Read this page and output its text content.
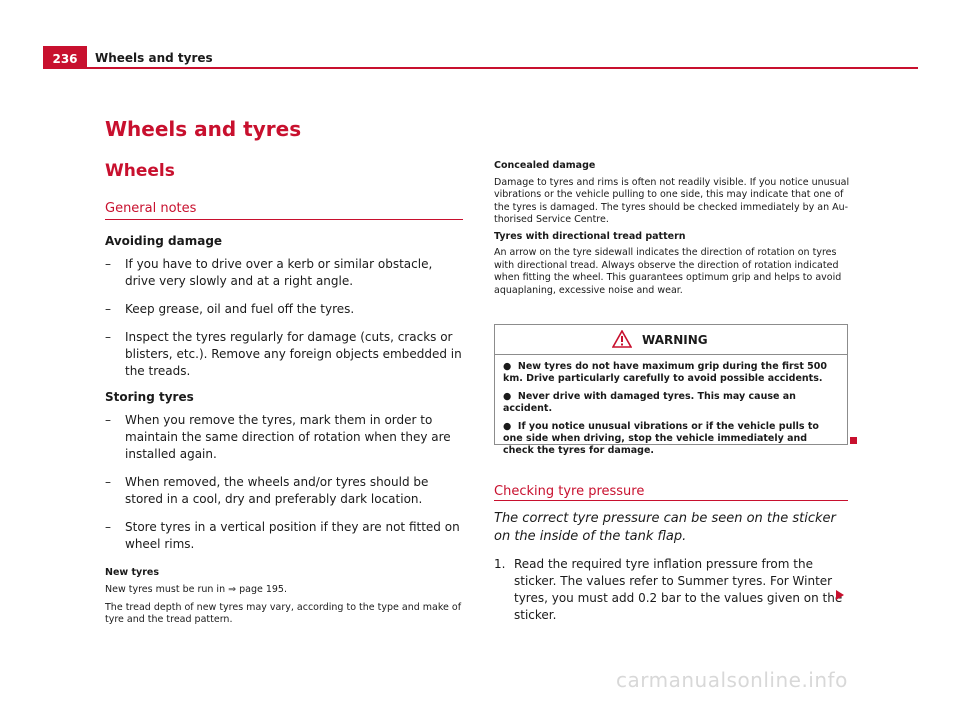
236	Wheels and tyres
Wheels and tyres
Wheels
General notes
Avoiding damage
– If you have to drive over a kerb or similar obstacle, drive very slowly and at a right angle.
– Keep grease, oil and fuel off the tyres.
– Inspect the tyres regularly for damage (cuts, cracks or blisters, etc.). Remove any foreign objects embedded in the treads.
Storing tyres
– When you remove the tyres, mark them in order to maintain the same direction of rotation when they are installed again.
– When removed, the wheels and/or tyres should be stored in a cool, dry and preferably dark location.
– Store tyres in a vertical position if they are not fitted on wheel rims.
New tyres
New tyres must be run in ⇒ page 195.
The tread depth of new tyres may vary, according to the type and make of tyre and the tread pattern.
Concealed damage

Damage to tyres and rims is often not readily visible. If you notice unusual vibrations or the vehicle pulling to one side, this may indicate that one of the tyres is damaged. The tyres should be checked immediately by an Authorised Service Centre.

Tyres with directional tread pattern

An arrow on the tyre sidewall indicates the direction of rotation on tyres with directional tread. Always observe the direction of rotation indicated when fitting the wheel. This guarantees optimum grip and helps to avoid aquaplaning, excessive noise and wear.

WARNING
●  New tyres do not have maximum grip during the first 500 km. Drive particularly carefully to avoid possible accidents.
●  Never drive with damaged tyres. This may cause an accident.
●  If you notice unusual vibrations or if the vehicle pulls to one side when driving, stop the vehicle immediately and check the tyres for damage.
Checking tyre pressure
The correct tyre pressure can be seen on the sticker on the inside of the tank flap.
1. Read the required tyre inflation pressure from the sticker. The values refer to Summer tyres. For Winter tyres, you must add 0.2 bar to the values given on the sticker.
carmanualsonline.info
